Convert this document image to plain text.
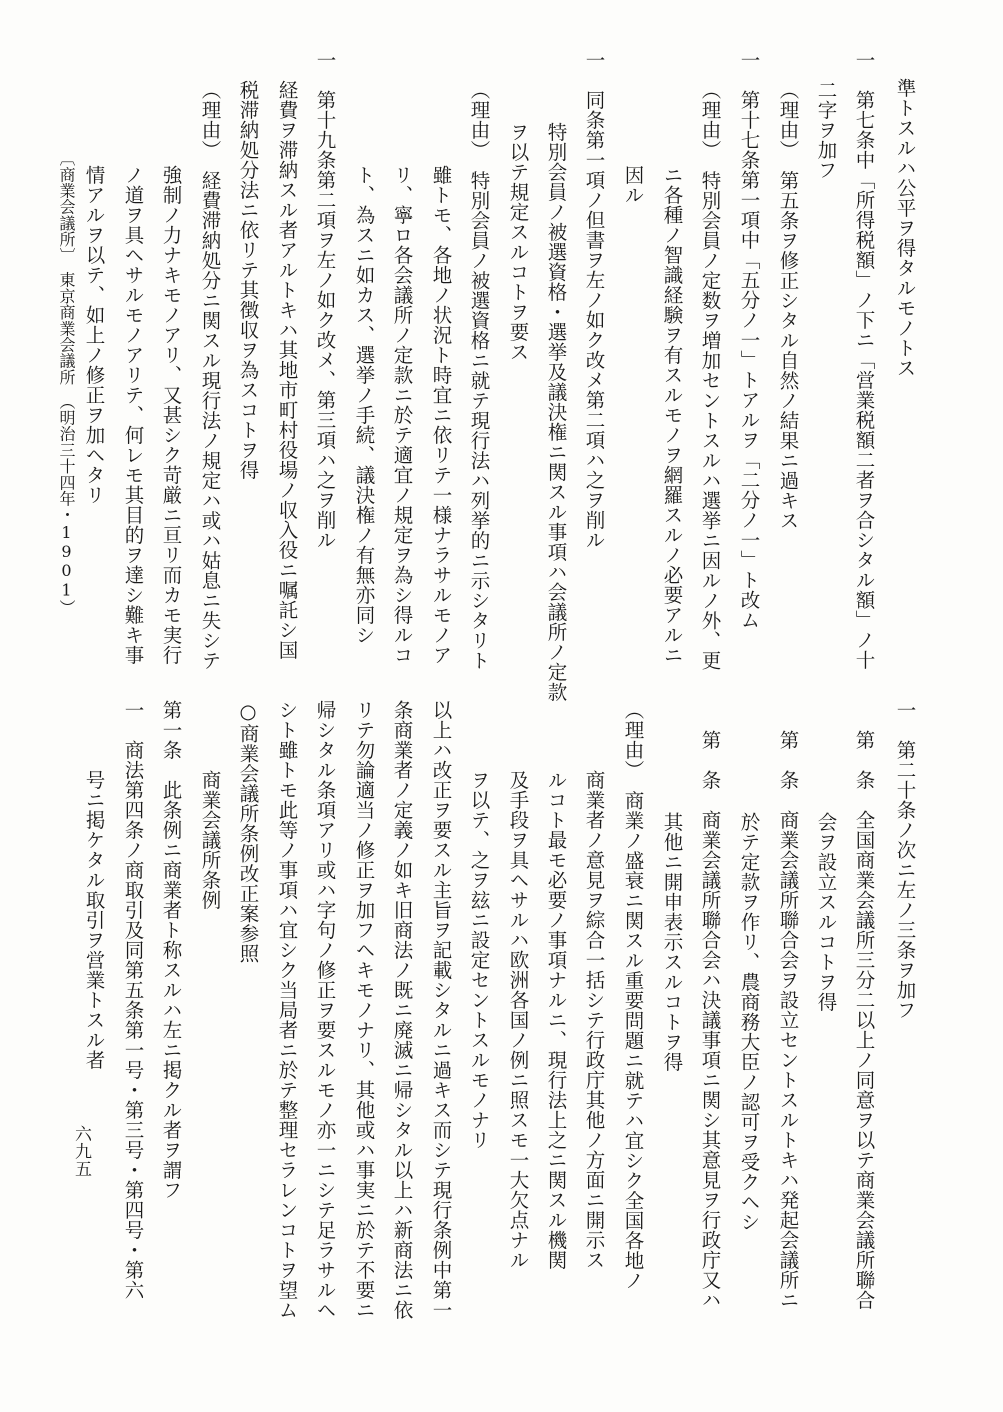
準トスルハ公平ヲ得タルモノトス
一　第七条中「所得税額」ノ下ニ「営業税額二者ヲ合シタル額」ノ十
二字ヲ加フ
（理由）　第五条ヲ修正シタル自然ノ結果ニ過キス
一　第十七条第一項中「五分ノ一」トアルヲ「二分ノ一」ト改ム
（理由）　特別会員ノ定数ヲ増加セントスルハ選挙ニ因ルノ外、更
ニ各種ノ智識経験ヲ有スルモノヲ網羅スルノ必要アルニ
因ル
一　同条第一項ノ但書ヲ左ノ如ク改メ第二項ハ之ヲ削ル
特別会員ノ被選資格・選挙及議決権ニ関スル事項ハ会議所ノ定款
ヲ以テ規定スルコトヲ要ス
（理由）　特別会員ノ被選資格ニ就テ現行法ハ列挙的ニ示シタリト
雖トモ、各地ノ状況ト時宜ニ依リテ一様ナラサルモノア
リ、寧ロ各会議所ノ定款ニ於テ適宜ノ規定ヲ為シ得ルコ
ト、為スニ如カス、選挙ノ手続、議決権ノ有無亦同シ
一　第十九条第二項ヲ左ノ如ク改メ、第三項ハ之ヲ削ル
経費ヲ滞納スル者アルトキハ其地市町村役場ノ収入役ニ嘱託シ国
税滞納処分法ニ依リテ其徴収ヲ為スコトヲ得
（理由）　経費滞納処分ニ関スル現行法ノ規定ハ或ハ姑息ニ失シテ
強制ノ力ナキモノアリ、又甚シク苛厳ニ亘リ而カモ実行
ノ道ヲ具ヘサルモノアリテ、何レモ其目的ヲ達シ難キ事
情アルヲ以テ、如上ノ修正ヲ加ヘタリ
〔商業会議所〕　東京商業会議所　（明治三十四年・1901）
一　第二十条ノ次ニ左ノ三条ヲ加フ
第　条　全国商業会議所三分二以上ノ同意ヲ以テ商業会議所聯合
会ヲ設立スルコトヲ得
第　条　商業会議所聯合会ヲ設立セントスルトキハ発起会議所ニ
於テ定款ヲ作リ、農商務大臣ノ認可ヲ受クヘシ
第　条　商業会議所聯合会ハ決議事項ニ関シ其意見ヲ行政庁又ハ
其他ニ開申表示スルコトヲ得
（理由）　商業ノ盛衰ニ関スル重要問題ニ就テハ宜シク全国各地ノ
商業者ノ意見ヲ綜合一括シテ行政庁其他ノ方面ニ開示ス
ルコト最モ必要ノ事項ナルニ、現行法上之ニ関スル機関
及手段ヲ具ヘサルハ欧洲各国ノ例ニ照スモ一大欠点ナル
ヲ以テ、之ヲ玆ニ設定セントスルモノナリ
以上ハ改正ヲ要スル主旨ヲ記載シタルニ過キス而シテ現行条例中第一
条商業者ノ定義ノ如キ旧商法ノ既ニ廃滅ニ帰シタル以上ハ新商法ニ依
リテ勿論適当ノ修正ヲ加フヘキモノナリ、其他或ハ事実ニ於テ不要ニ
帰シタル条項アリ或ハ字句ノ修正ヲ要スルモノ亦一ニシテ足ラサルヘ
シト雖トモ此等ノ事項ハ宜シク当局者ニ於テ整理セラレンコトヲ望ム
○商業会議所条例改正案参照
商業会議所条例
第一条　此条例ニ商業者ト称スルハ左ニ掲クル者ヲ謂フ
一　商法第四条ノ商取引及同第五条第一号・第三号・第四号・第六
号ニ掲ケタル取引ヲ営業トスル者
六九五
